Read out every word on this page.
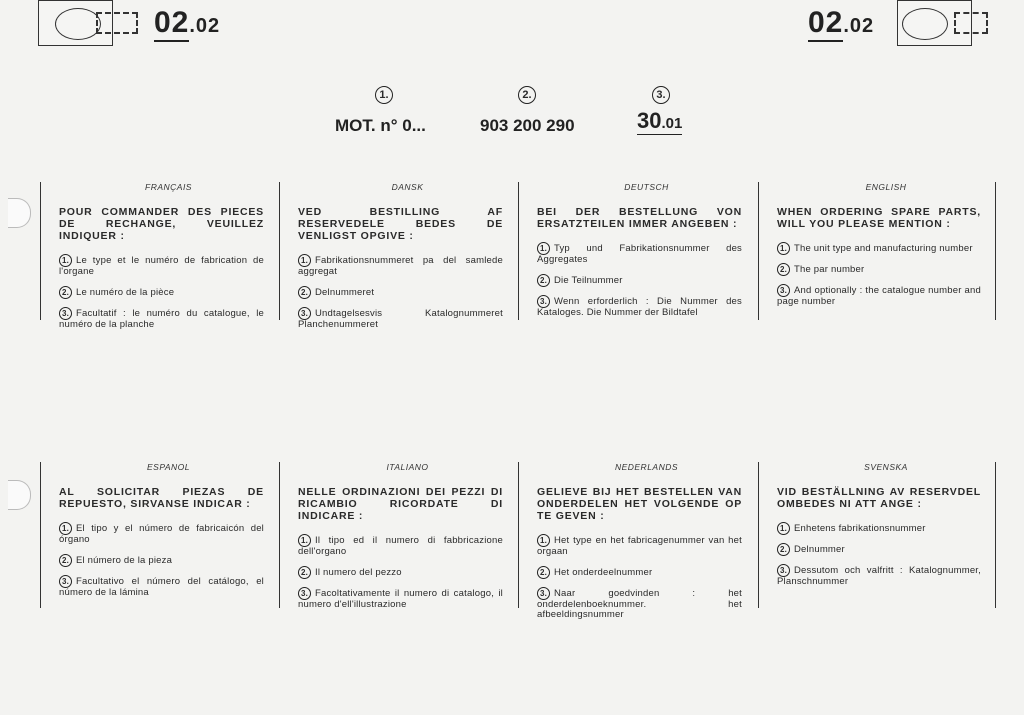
02.02	02.02
1.	2.	3.
MOT. n° 0...	903 200 290	30.01
FRANÇAIS
POUR COMMANDER DES PIECES DE RECHANGE, VEUILLEZ INDIQUER :
1. Le type et le numéro de fabrication de l'organe
2. Le numéro de la pièce
3. Facultatif : le numéro du catalogue, le numéro de la planche
DANSK
VED BESTILLING AF RESERVEDELE BEDES DE VENLIGST OPGIVE :
1. Fabrikationsnummeret pa del samlede aggregat
2. Delnummeret
3. Undtagelsesvis Katalognummeret Planchenummeret
DEUTSCH
BEI DER BESTELLUNG VON ERSATZTEILEN IMMER ANGEBEN :
1. Typ und Fabrikationsnummer des Aggregates
2. Die Teilnummer
3. Wenn erforderlich : Die Nummer des Kataloges. Die Nummer der Bildtafel
ENGLISH
WHEN ORDERING SPARE PARTS, WILL YOU PLEASE MENTION :
1. The unit type and manufacturing number
2. The par number
3. And optionally : the catalogue number and page number
ESPANOL
AL SOLICITAR PIEZAS DE REPUESTO, SIRVANSE INDICAR :
1. El tipo y el número de fabricaicón del órgano
2. El número de la pieza
3. Facultativo el número del catálogo, el número de la lámina
ITALIANO
NELLE ORDINAZIONI DEI PEZZI DI RICAMBIO RICORDATE DI INDICARE :
1. Il tipo ed il numero di fabbricazione dell'organo
2. Il numero del pezzo
3. Facoltativamente il numero di catalogo, il numero d'ell'illustrazione
NEDERLANDS
GELIEVE BIJ HET BESTELLEN VAN ONDERDELEN HET VOLGENDE OP TE GEVEN :
1. Het type en het fabricagenummer van het orgaan
2. Het onderdeelnummer
3. Naar goedvinden : het onderdelenboeknummer. het afbeeldingsnummer
SVENSKA
VID BESTÄLLNING AV RESERVDEL OMBEDES NI ATT ANGE :
1. Enhetens fabrikationsnummer
2. Delnummer
3. Dessutom och valfritt : Katalognummer, Planschnummer
